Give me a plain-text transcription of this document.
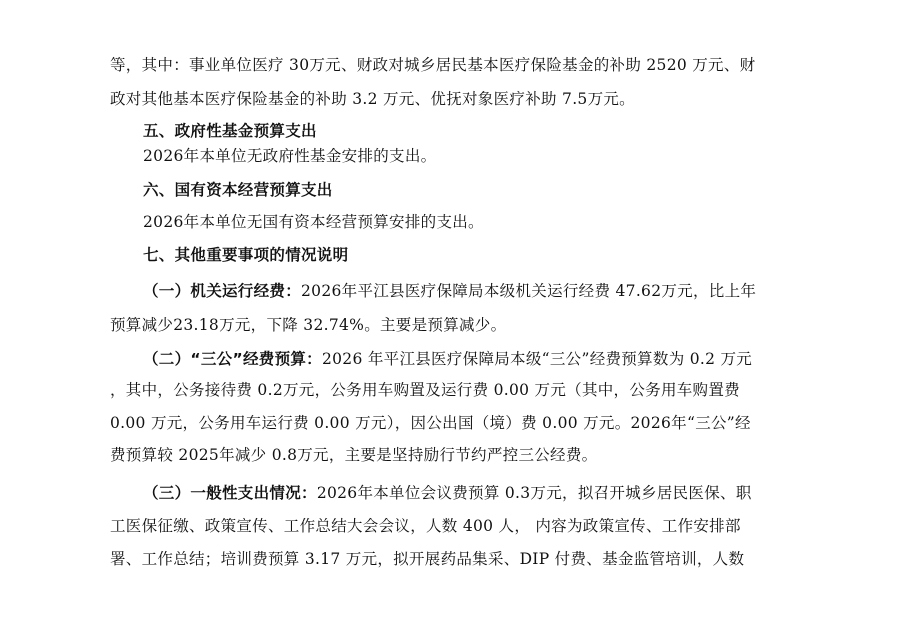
等，其中：事业单位医疗 30万元、财政对城乡居民基本医疗保险基金的补助 2520 万元、财
政对其他基本医疗保险基金的补助 3.2 万元、优抚对象医疗补助 7.5万元。
五、政府性基金预算支出
2026年本单位无政府性基金安排的支出。
六、国有资本经营预算支出
2026年本单位无国有资本经营预算安排的支出。
七、其他重要事项的情况说明
（一）机关运行经费：2026年平江县医疗保障局本级机关运行经费 47.62万元，比上年
预算减少23.18万元，下降 32.74%。主要是预算减少。
（二）“三公”经费预算：2026 年平江县医疗保障局本级“三公”经费预算数为 0.2 万元
，其中，公务接待费 0.2万元，公务用车购置及运行费 0.00 万元（其中，公务用车购置费
0.00 万元，公务用车运行费 0.00 万元），因公出国（境）费 0.00 万元。2026年“三公”经
费预算较 2025年减少 0.8万元，主要是坚持励行节约严控三公经费。
（三）一般性支出情况：2026年本单位会议费预算 0.3万元，拟召开城乡居民医保、职
工医保征缴、政策宣传、工作总结大会会议，人数 400 人， 内容为政策宣传、工作安排部
署、工作总结；培训费预算 3.17 万元，拟开展药品集采、DIP 付费、基金监管培训，人数
